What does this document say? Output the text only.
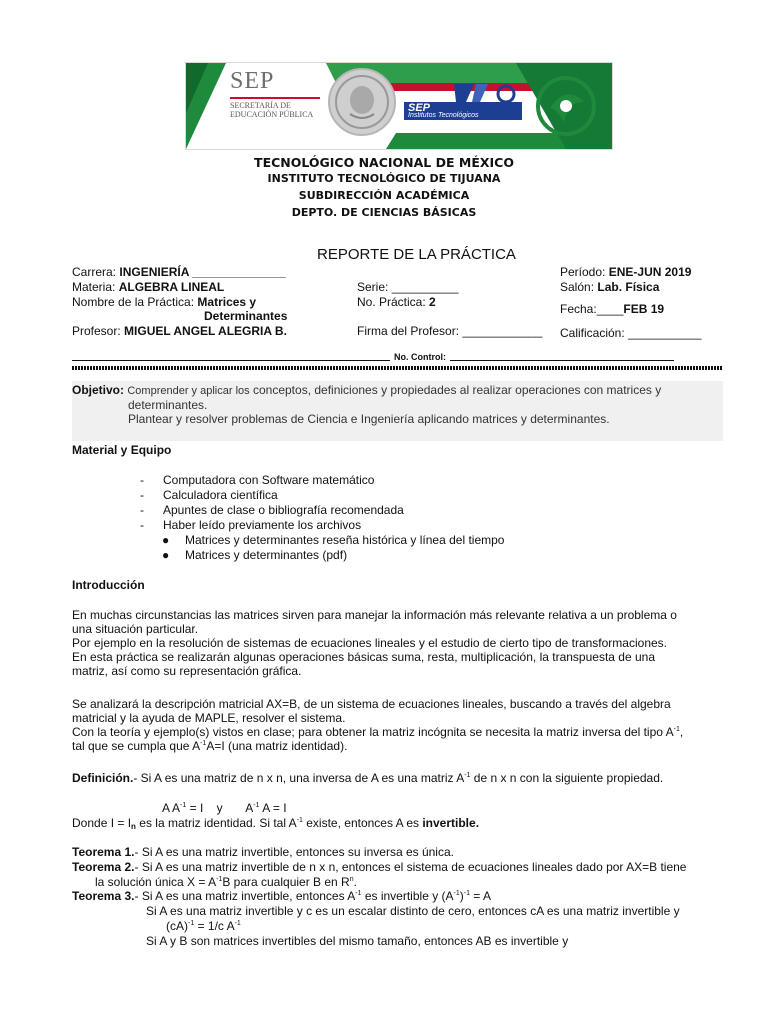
SEP
SECRETARÍA DE
EDUCACIÓN PÚBLICA
SEP
Institutos Tecnológicos
TECNOLÓGICO NACIONAL DE MÉXICO
INSTITUTO TECNOLÓGICO DE TIJUANA
SUBDIRECCIÓN ACADÉMICA
DEPTO. DE CIENCIAS BÁSICAS
REPORTE DE LA PRÁCTICA
Carrera: INGENIERÍA ______________
Materia: ALGEBRA LINEAL
Nombre de la Práctica: Matrices y
Determinantes
Profesor: MIGUEL ANGEL ALEGRIA B.
Serie: __________
No. Práctica: 2
Firma del Profesor: ____________
Período: ENE-JUN 2019
Salón: Lab. Física
Fecha:____FEB 19
Calificación: ___________
No. Control:
Objetivo: Comprender y aplicar los conceptos, definiciones y propiedades al realizar operaciones con matrices y
determinantes.
Plantear y resolver problemas de Ciencia e Ingeniería aplicando matrices y determinantes.
Material y Equipo
- Computadora con Software matemático
- Calculadora científica
- Apuntes de clase o bibliografía recomendada
- Haber leído previamente los archivos
● Matrices y determinantes reseña histórica y línea del tiempo
● Matrices y determinantes (pdf)
Introducción
En muchas circunstancias las matrices sirven para manejar la información más relevante relativa a un problema o
una situación particular.
Por ejemplo en la resolución de sistemas de ecuaciones lineales y el estudio de cierto tipo de transformaciones.
En esta práctica se realizarán algunas operaciones básicas suma, resta, multiplicación, la transpuesta de una
matriz, así como su representación gráfica.
Se analizará la descripción matricial AX=B, de un sistema de ecuaciones lineales, buscando a través del algebra
matricial y la ayuda de MAPLE, resolver el sistema.
Con la teoría y ejemplo(s) vistos en clase; para obtener la matriz incógnita se necesita la matriz inversa del tipo $A^{-1}$,
tal que se cumpla que $A^{-1}A=I$ (una matriz identidad).
Definición.- Si A es una matriz de n x n, una inversa de A es una matriz $A^{-1}$ de n x n con la siguiente propiedad.
A $A^{-1} = I$    y       $A^{-1}$ A = I
Donde $I = I_n$ es la matriz identidad. Si tal $A^{-1}$ existe, entonces A es invertible.
Teorema 1.- Si A es una matriz invertible, entonces su inversa es única.
Teorema 2.- Si A es una matriz invertible de n x n, entonces el sistema de ecuaciones lineales dado por AX=B tiene
la solución única $X = A^{-1}B$ para cualquier B en $R^n$.
Teorema 3.- Si A es una matriz invertible, entonces $A^{-1}$ es invertible y $(A^{-1})^{-1} = A$
Si A es una matriz invertible y c es un escalar distinto de cero, entonces cA es una matriz invertible y
(cA)$^{-1}$ = 1/c $A^{-1}$
Si A y B son matrices invertibles del mismo tamaño, entonces AB es invertible y
